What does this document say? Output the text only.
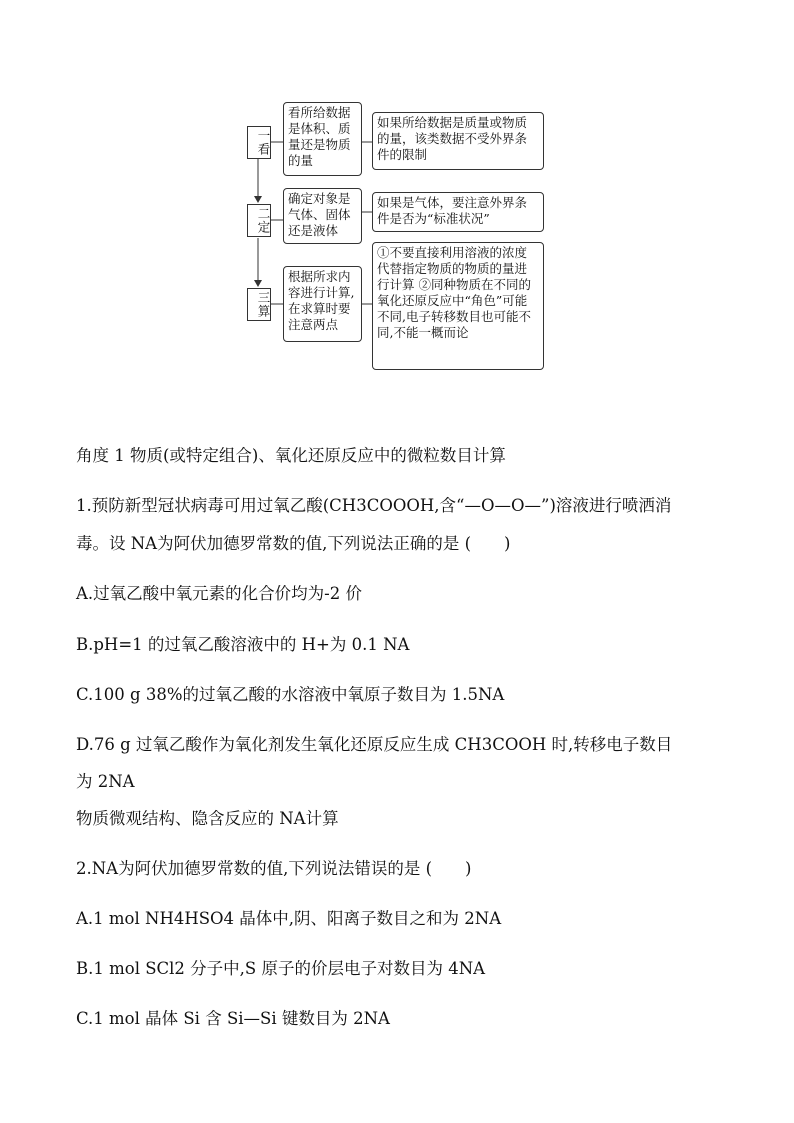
一看
看所给数据是体积、质量还是物质的量
如果所给数据是质量或物质的量，该类数据不受外界条件的限制
二定
确定对象是气体、固体还是液体
如果是气体，要注意外界条件是否为“标准状况”
三算
根据所求内容进行计算,在求算时要注意两点
①不要直接利用溶液的浓度代替指定物质的物质的量进行计算 ②同种物质在不同的氧化还原反应中“角色”可能不同,电子转移数目也可能不同,不能一概而论
角度 1 物质(或特定组合)、氧化还原反应中的微粒数目计算
1.预防新型冠状病毒可用过氧乙酸(CH3COOOH,含“—O—O—”)溶液进行喷洒消
毒。设 NA为阿伏加德罗常数的值,下列说法正确的是 (　　)
A.过氧乙酸中氧元素的化合价均为-2 价
B.pH=1 的过氧乙酸溶液中的 H+为 0.1 NA
C.100 g 38%的过氧乙酸的水溶液中氧原子数目为 1.5NA
D.76 g 过氧乙酸作为氧化剂发生氧化还原反应生成 CH3COOH 时,转移电子数目
为 2NA
物质微观结构、隐含反应的 NA计算
2.NA为阿伏加德罗常数的值,下列说法错误的是 (　　)
A.1 mol NH4HSO4 晶体中,阴、阳离子数目之和为 2NA
B.1 mol SCl2 分子中,S 原子的价层电子对数目为 4NA
C.1 mol 晶体 Si 含 Si—Si 键数目为 2NA
